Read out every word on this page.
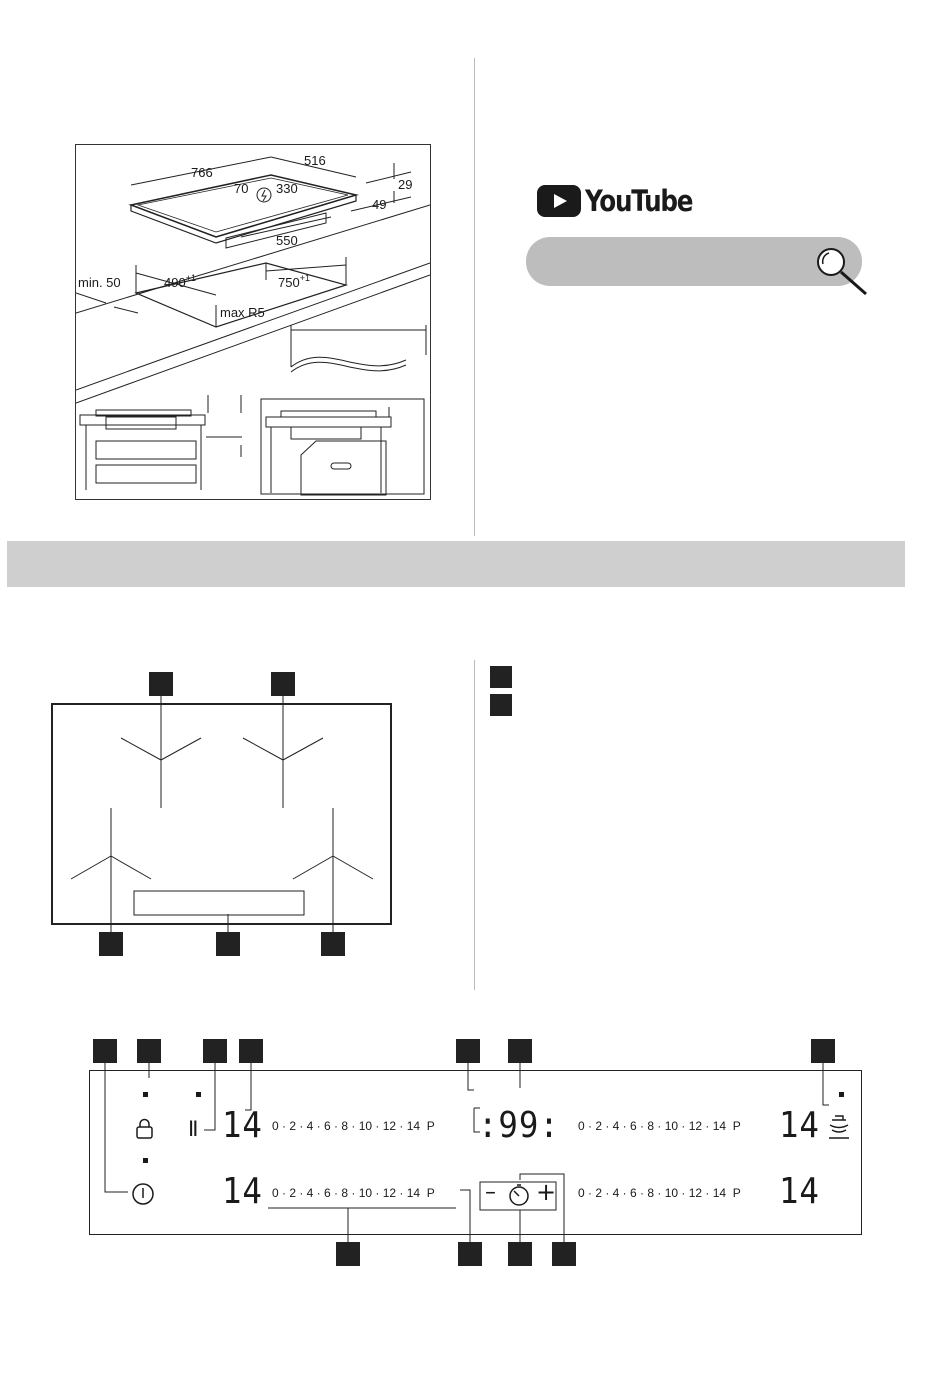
766
516
70 330	29
49
550
min. 50	$490^{+1}$	$750^{+1}$
max R5
YouTube
II 14
14
14
14
:99:
0 · 2 · 4 · 6 · 8 · 10 · 12 · 14  P
0 · 2 · 4 · 6 · 8 · 10 · 12 · 14  P
0 · 2 · 4 · 6 · 8 · 10 · 12 · 14  P
0 · 2 · 4 · 6 · 8 · 10 · 12 · 14  P
– +
